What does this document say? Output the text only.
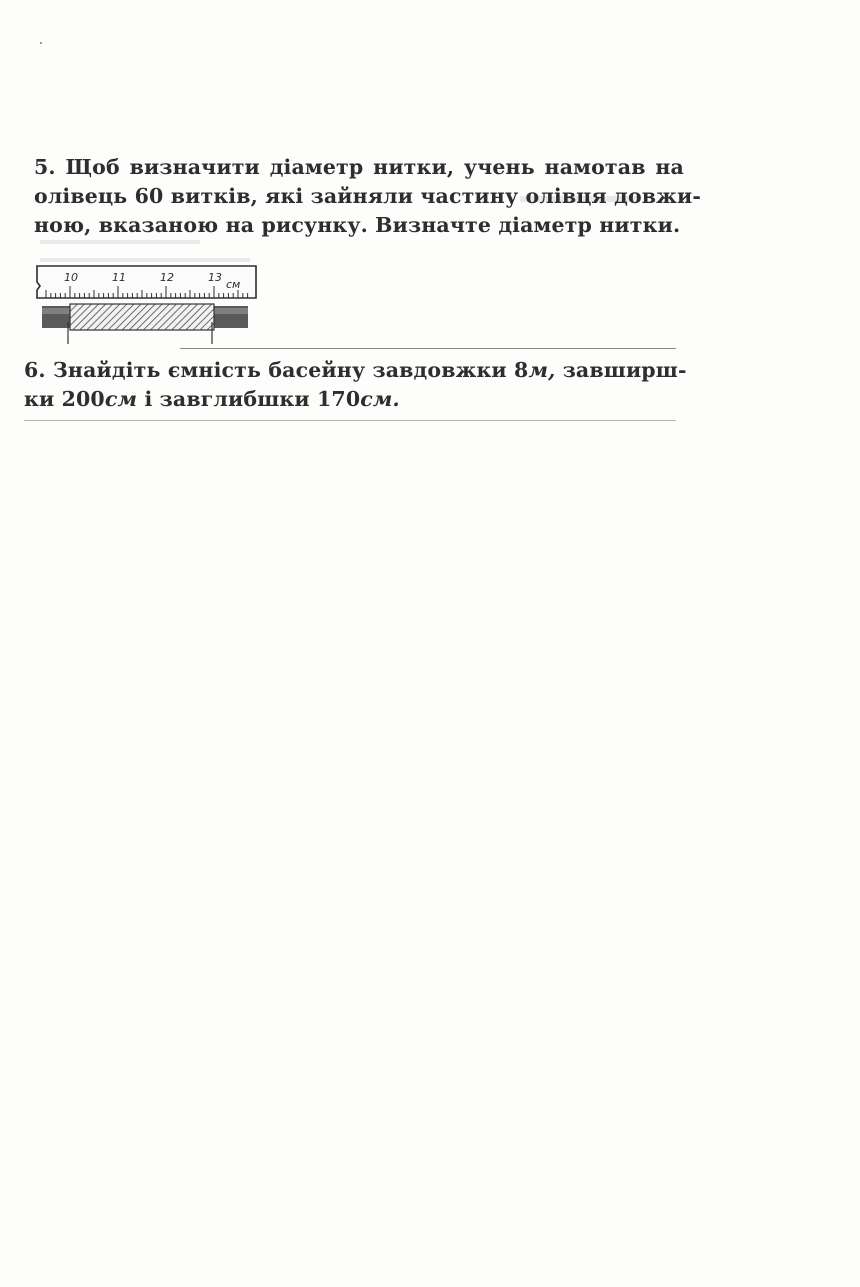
5. Щоб визначити діаметр нитки, учень намотав на
олівець 60 витків, які зайняли частину олівця довжи-
ною, вказаною на рисунку. Визначте діаметр нитки.
10	11	12	13
см
6. Знайдіть ємність басейну завдовжки 8м, завширш-
ки 200см і завглибшки 170см.
